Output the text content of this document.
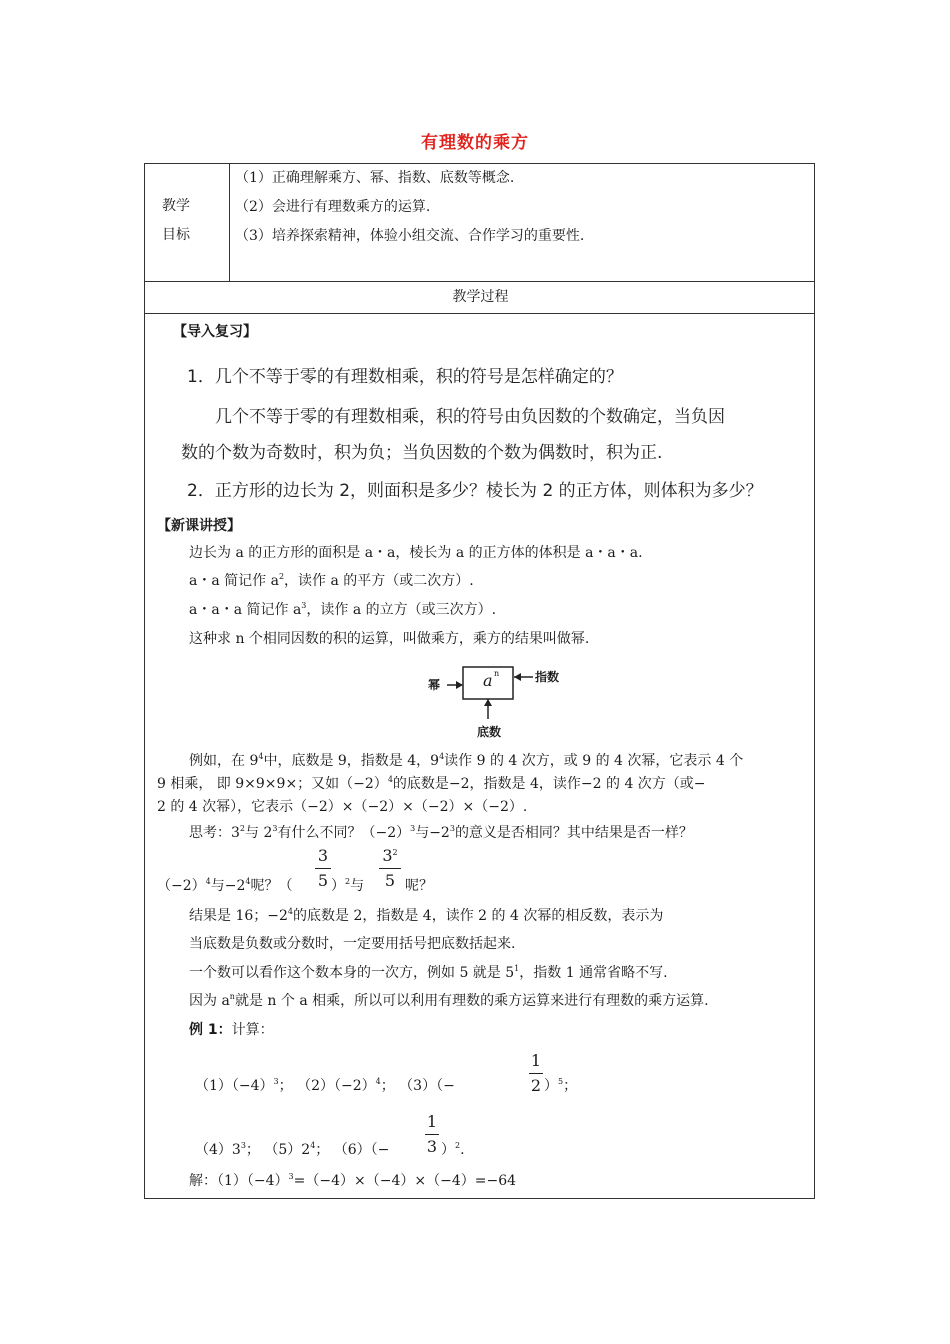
有理数的乘方
教学
目标
（1）正确理解乘方、幂、指数、底数等概念.
（2）会进行有理数乘方的运算.
（3）培养探索精神，体验小组交流、合作学习的重要性.
教学过程
【导入复习】
1．几个不等于零的有理数相乘，积的符号是怎样确定的？
几个不等于零的有理数相乘，积的符号由负因数的个数确定，当负因
数的个数为奇数时，积为负；当负因数的个数为偶数时，积为正.
2．正方形的边长为 2，则面积是多少？棱长为 2 的正方体，则体积为多少？
【新课讲授】
边长为 a 的正方形的面积是 a・a，棱长为 a 的正方体的体积是 a・a・a.
a・a 简记作 $a^2$，读作 a 的平方（或二次方）.
a・a・a 简记作 $a^3$，读作 a 的立方（或三次方）.
这种求 n 个相同因数的积的运算，叫做乘方，乘方的结果叫做幂.
幂	a n	指数
底数
例如，在 $9^4$中，底数是 9，指数是 4，$9^4$读作 9 的 4 次方，或 9 的 4 次幂，它表示 4 个
9 相乘， 即 9×9×9×；又如$(-2)^4$的底数是−2，指数是 4，读作−2 的 4 次方（或−
2 的 4 次幂），它表示（−2）×（−2）×（−2）×（−2）.
思考：$3^2$与 $2^3$有什么不同？$(-2)^3$与$-2^3$的意义是否相同？其中结果是否一样？
3
5
$3^2$
5
$(-2)^4$与$-2^4$呢？（	）$^2$与	呢？
结果是 16；$-2^4$的底数是 2，指数是 4，读作 2 的 4 次幂的相反数，表示为
当底数是负数或分数时，一定要用括号把底数括起来.
一个数可以看作这个数本身的一次方，例如 5 就是 $5^1$，指数 1 通常省略不写.
因为 $a^n$就是 n 个 a 相乘，所以可以利用有理数的乘方运算来进行有理数的乘方运算.
例 1：计算：
1
2
$(1)(-4)^3$； $(2)(-2)^4$； （3）（−	）$^5$；
1
3
$(4)3^3$； $(5)2^4$； （6）（−	）$^2$.
解：$(1)(-4)^3=(-4)\times(-4)\times(-4)=-64$
